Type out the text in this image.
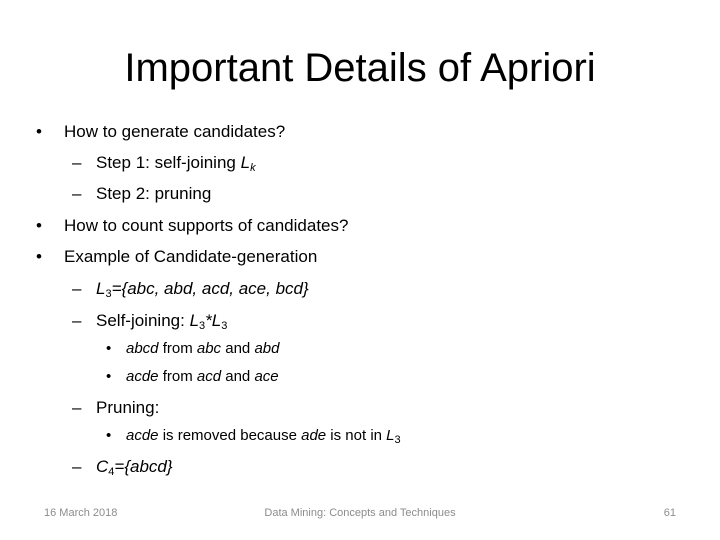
Important Details of Apriori
• How to generate candidates?
– Step 1: self-joining $L_k$
– Step 2: pruning
• How to count supports of candidates?
• Example of Candidate-generation
– $L_3=\{abc$, abd, acd, ace, bcd}
– Self-joining: $L_3*L_3$
• abcd from abc and abd
• acde from acd and ace
– Pruning:
• acde is removed because ade is not in $L_3$
– $C_4=\{abcd\}$
16 March 2018	Data Mining: Concepts and Techniques	61
